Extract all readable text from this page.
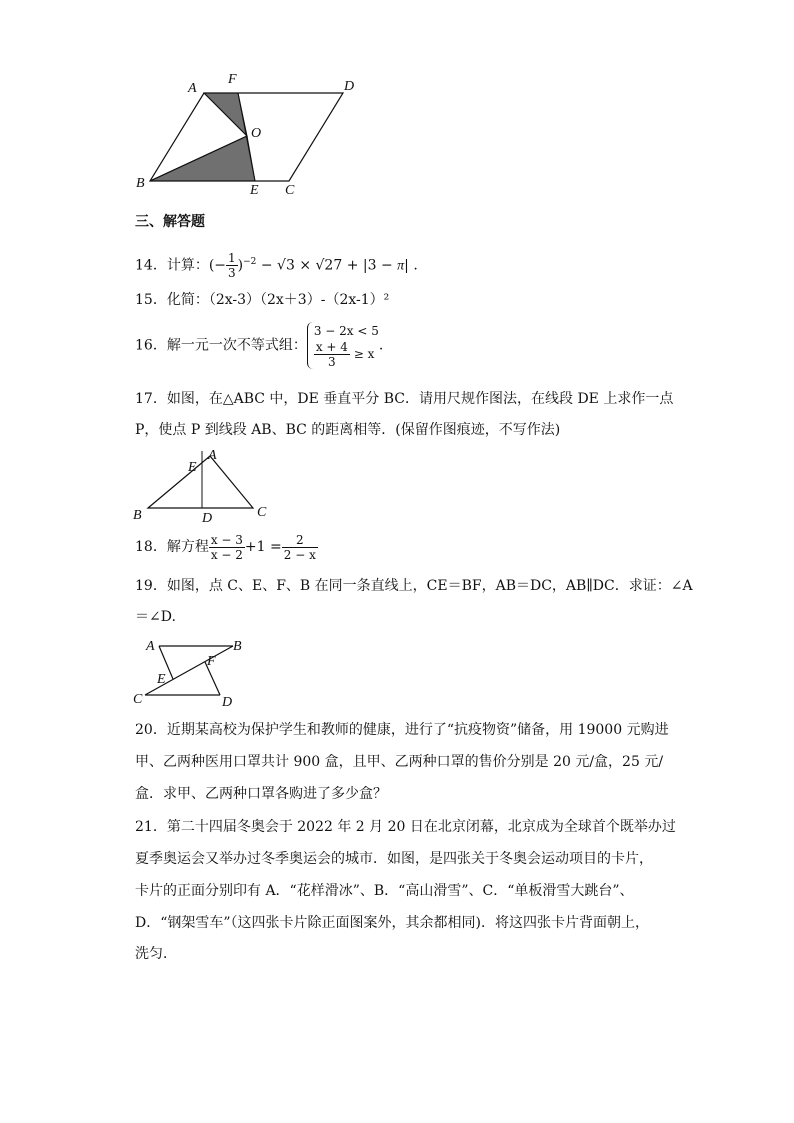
A
F	D
O
B	E C
三、解答题
14．计算：(− $\frac{1}{3} )^{-2} - √3 \times √27 + |3 - \pi|$ .
15．化简：（2x-3）（2x＋3）-（2x-1）²
16．解一元一次不等式组：
3 − 2x < 5
$\frac{x + 4}{3} \ge x$
.
17．如图，在△ABC 中，DE 垂直平分 BC．请用尺规作图法，在线段 DE 上求作一点
P，使点 P 到线段 AB、BC 的距离相等．(保留作图痕迹，不写作法)
E
A
B	D	C
18．解方程 $\frac{x - 3}{x - 2} +1 = \frac{2}{2 - x}$
19．如图，点 C、E、F、B 在同一条直线上，CE＝BF，AB＝DC，AB∥DC．求证：∠A
＝∠D.
A	B
F
E
C	D
20．近期某高校为保护学生和教师的健康，进行了“抗疫物资”储备，用 19000 元购进
甲、乙两种医用口罩共计 900 盒，且甲、乙两种口罩的售价分别是 20 元/盒，25 元/
盒．求甲、乙两种口罩各购进了多少盒？
21．第二十四届冬奥会于 2022 年 2 月 20 日在北京闭幕，北京成为全球首个既举办过
夏季奥运会又举办过冬季奥运会的城市．如图，是四张关于冬奥会运动项目的卡片，
卡片的正面分别印有 A．“花样滑冰”、B．“高山滑雪”、C．“单板滑雪大跳台”、
D．“钢架雪车”（这四张卡片除正面图案外，其余都相同)．将这四张卡片背面朝上，
洗匀．
